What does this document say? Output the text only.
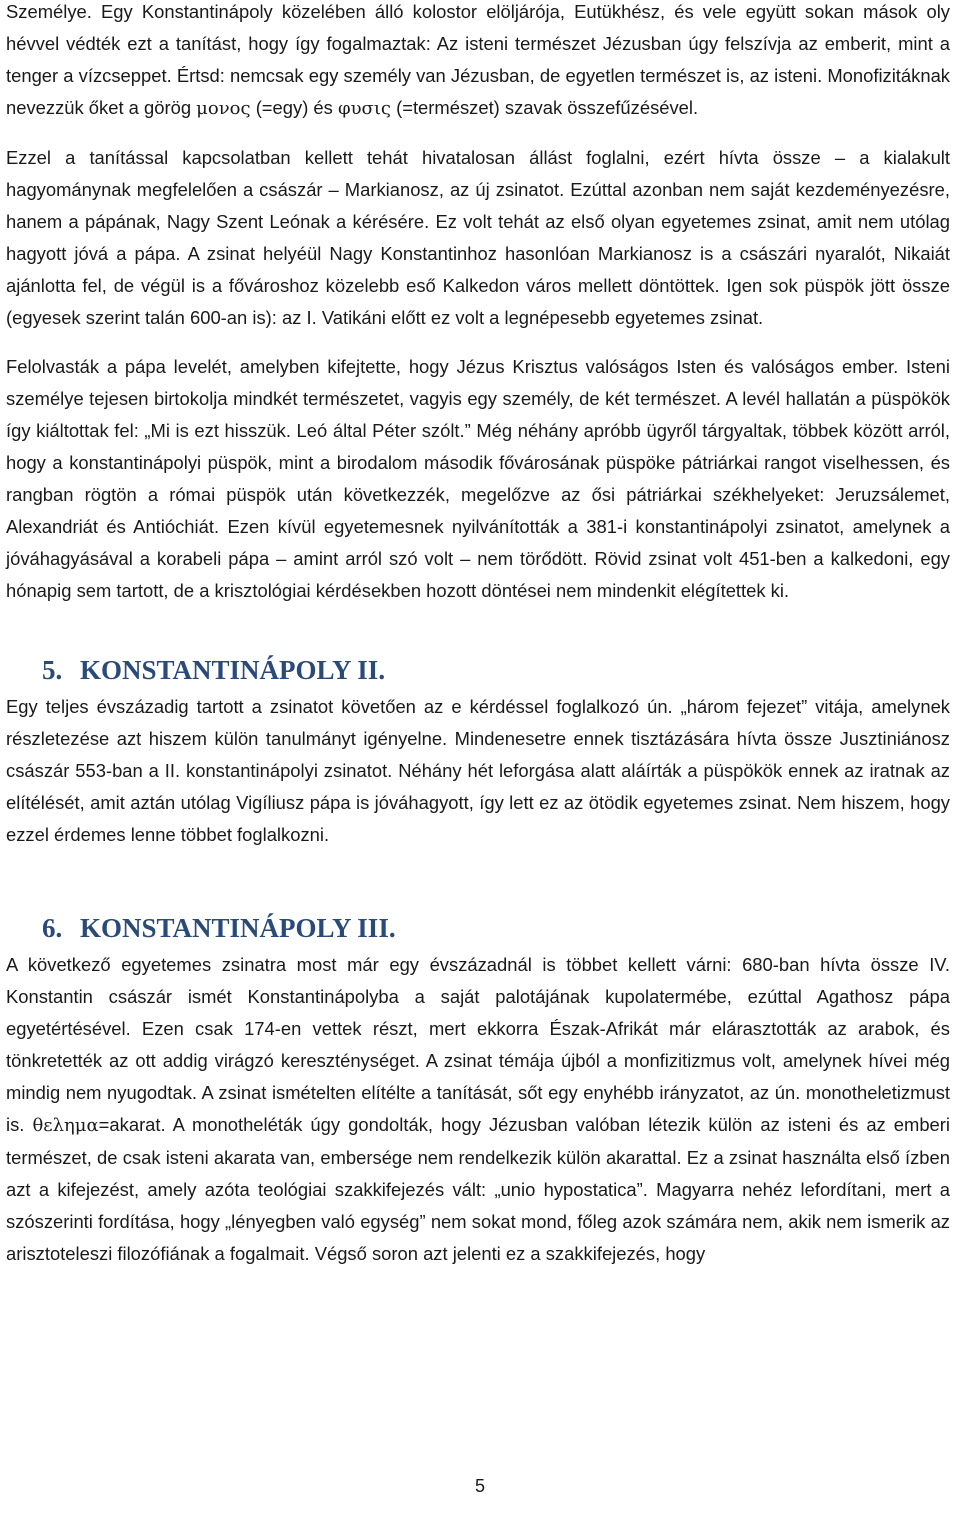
Személye. Egy Konstantinápoly közelében álló kolostor elöljárója, Eutükhész, és vele együtt sokan mások oly hévvel védték ezt a tanítást, hogy így fogalmaztak: Az isteni természet Jézusban úgy felszívja az emberit, mint a tenger a vízcseppet. Értsd: nemcsak egy személy van Jézusban, de egyetlen természet is, az isteni. Monofizitáknak nevezzük őket a görög μονος (=egy) és φυσις (=természet) szavak összefűzésével.

Ezzel a tanítással kapcsolatban kellett tehát hivatalosan állást foglalni, ezért hívta össze – a kialakult hagyománynak megfelelően a császár – Markianosz, az új zsinatot. Ezúttal azonban nem saját kezdeményezésre, hanem a pápának, Nagy Szent Leónak a kérésére. Ez volt tehát az első olyan egyetemes zsinat, amit nem utólag hagyott jóvá a pápa. A zsinat helyéül Nagy Konstantinhoz hasonlóan Markianosz is a császári nyaralót, Nikaiát ajánlotta fel, de végül is a fővároshoz közelebb eső Kalkedon város mellett döntöttek. Igen sok püspök jött össze (egyesek szerint talán 600-an is): az I. Vatikáni előtt ez volt a legnépesebb egyetemes zsinat.

Felolvasták a pápa levelét, amelyben kifejtette, hogy Jézus Krisztus valóságos Isten és valóságos ember. Isteni személye tejesen birtokolja mindkét természetet, vagyis egy személy, de két természet. A levél hallatán a püspökök így kiáltottak fel: „Mi is ezt hisszük. Leó által Péter szólt.” Még néhány apróbb ügyről tárgyaltak, többek között arról, hogy a konstantinápolyi püspök, mint a birodalom második fővárosának püspöke pátriárkai rangot viselhessen, és rangban rögtön a római püspök után következzék, megelőzve az ősi pátriárkai székhelyeket: Jeruzsálemet, Alexandriát és Antióchiát. Ezen kívül egyetemesnek nyilvánították a 381-i konstantinápolyi zsinatot, amelynek a jóváhagyásával a korabeli pápa – amint arról szó volt – nem törődött. Rövid zsinat volt 451-ben a kalkedoni, egy hónapig sem tartott, de a krisztológiai kérdésekben hozott döntései nem mindenkit elégítettek ki.

5. KONSTANTINÁPOLY II.

Egy teljes évszázadig tartott a zsinatot követően az e kérdéssel foglalkozó ún. „három fejezet” vitája, amelynek részletezése azt hiszem külön tanulmányt igényelne. Mindenesetre ennek tisztázására hívta össze Jusztiniánosz császár 553-ban a II. konstantinápolyi zsinatot. Néhány hét leforgása alatt aláírták a püspökök ennek az iratnak az elítélését, amit aztán utólag Vigíliusz pápa is jóváhagyott, így lett ez az ötödik egyetemes zsinat. Nem hiszem, hogy ezzel érdemes lenne többet foglalkozni.

6. KONSTANTINÁPOLY III.

A következő egyetemes zsinatra most már egy évszázadnál is többet kellett várni: 680-ban hívta össze IV. Konstantin császár ismét Konstantinápolyba a saját palotájának kupolatermébe, ezúttal Agathosz pápa egyetértésével. Ezen csak 174-en vettek részt, mert ekkorra Észak-Afrikát már elárasztották az arabok, és tönkretették az ott addig virágzó kereszténységet. A zsinat témája újból a monfizitizmus volt, amelynek hívei még mindig nem nyugodtak. A zsinat ismételten elítélte a tanítását, sőt egy enyhébb irányzatot, az ún. monotheletizmust is. θελημα=akarat. A monotheléták úgy gondolták, hogy Jézusban valóban létezik külön az isteni és az emberi természet, de csak isteni akarata van, embersége nem rendelkezik külön akarattal. Ez a zsinat használta első ízben azt a kifejezést, amely azóta teológiai szakkifejezés vált: „unio hypostatica”. Magyarra nehéz lefordítani, mert a szószerinti fordítása, hogy „lényegben való egység” nem sokat mond, főleg azok számára nem, akik nem ismerik az arisztoteleszi filozófiának a fogalmait. Végső soron azt jelenti ez a szakkifejezés, hogy

5
